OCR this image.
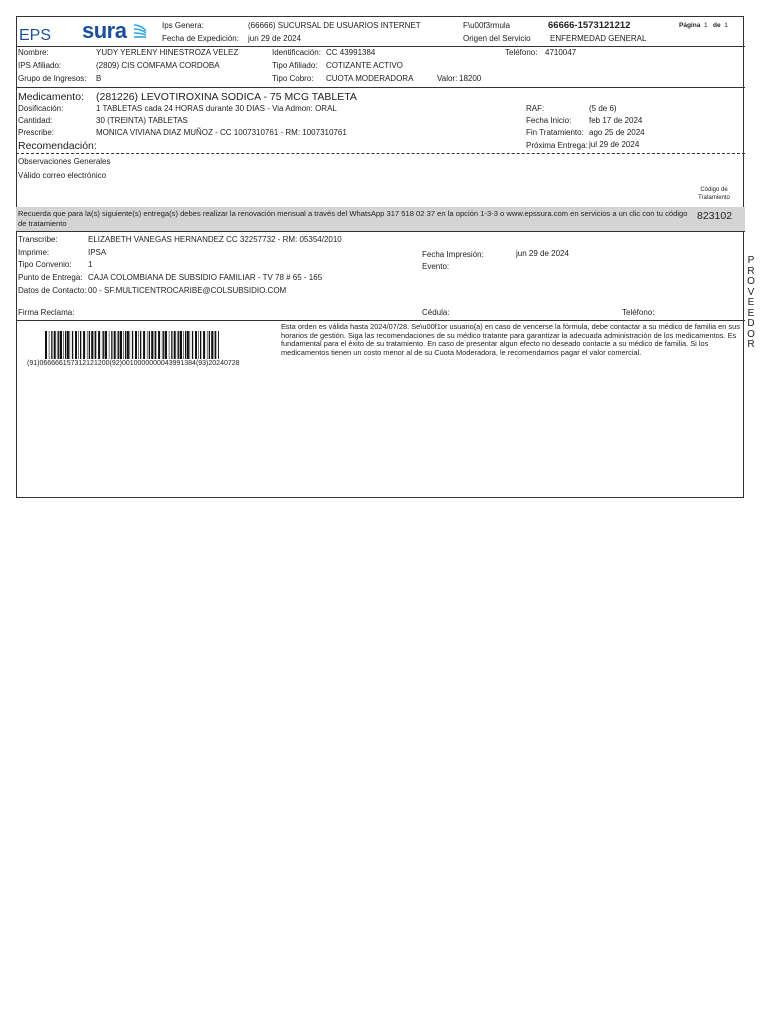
EPS sura	Ips Genera:	(66666) SUCURSAL DE USUARIOS INTERNET
Fecha de Expedición: jun 29 de 2024
F\u00f3rmula	66666-1573121212
Origen del Servicio ENFERMEDAD GENERAL
Página 1 de 1
Nombre:	YUDY YERLENY HINESTROZA VELEZ	Identificación: CC 43991384	Teléfono: 4710047
IPS Afiliado:	(2809) CIS COMFAMA CORDOBA	Tipo Afiliado: COTIZANTE ACTIVO
Grupo de Ingresos: B	Tipo Cobro: CUOTA MODERADORA	Valor: 18200
Medicamento: (281226) LEVOTIROXINA SODICA - 75 MCG TABLETA
Dosificación:	1 TABLETAS cada 24 HORAS durante 30 DIAS - Via Admon: ORAL
Cantidad:	30 (TREINTA) TABLETAS
Prescribe:	MONICA VIVIANA DIAZ MUÑOZ - CC 1007310761 - RM: 1007310761
Recomendación:
RAF:	(5 de 6)
Fecha Inicio: feb 17 de 2024
Fin Tratamiento: ago 25 de 2024
Próxima Entrega: jul 29 de 2024
Observaciones Generales
Válido correo electrónico
Código de
Tratamiento
Recuerda que para la(s) siguiente(s) entrega(s) debes realizar la renovación mensual a través del WhatsApp 317 518 02 37 en la opción 1-3-3 o www.epssura.com en servicios a un clic con tu código
de tratamiento
823102
Transcribe:	ELIZABETH VANEGAS HERNANDEZ CC 32257732 - RM: 05354/2010
Imprime:	IPSA
Tipo Convenio: 1
Punto de Entrega: CAJA COLOMBIANA DE SUBSIDIO FAMILIAR - TV 78 # 65 - 165
Datos de Contacto: 00 - SF.MULTICENTROCARIBE@COLSUBSIDIO.COM
Fecha Impresión:	jun 29 de 2024
Evento:
Firma Reclama:	Cédula:	Teléfono:
P
R
O
V
E
E
D
O
R
(91)066666157312121200(92)0010000000043991384(93)20240728
Esta orden es válida hasta 2024/07/28. Se\u00f1or usuario(a) en caso de vencerse la fórmula, debe contactar a su médico de familia en sus horarios de gestión. Siga las recomendaciones de su médico tratante para garantizar la adecuada administración de los medicamentos. Es fundamental para el éxito de su tratamiento. En caso de presentar algun efecto no deseado contacte a su médico de familia. Si los medicamentos tienen un costo menor al de su Cuota Moderadora, le recomendamos pagar el valor comercial.
